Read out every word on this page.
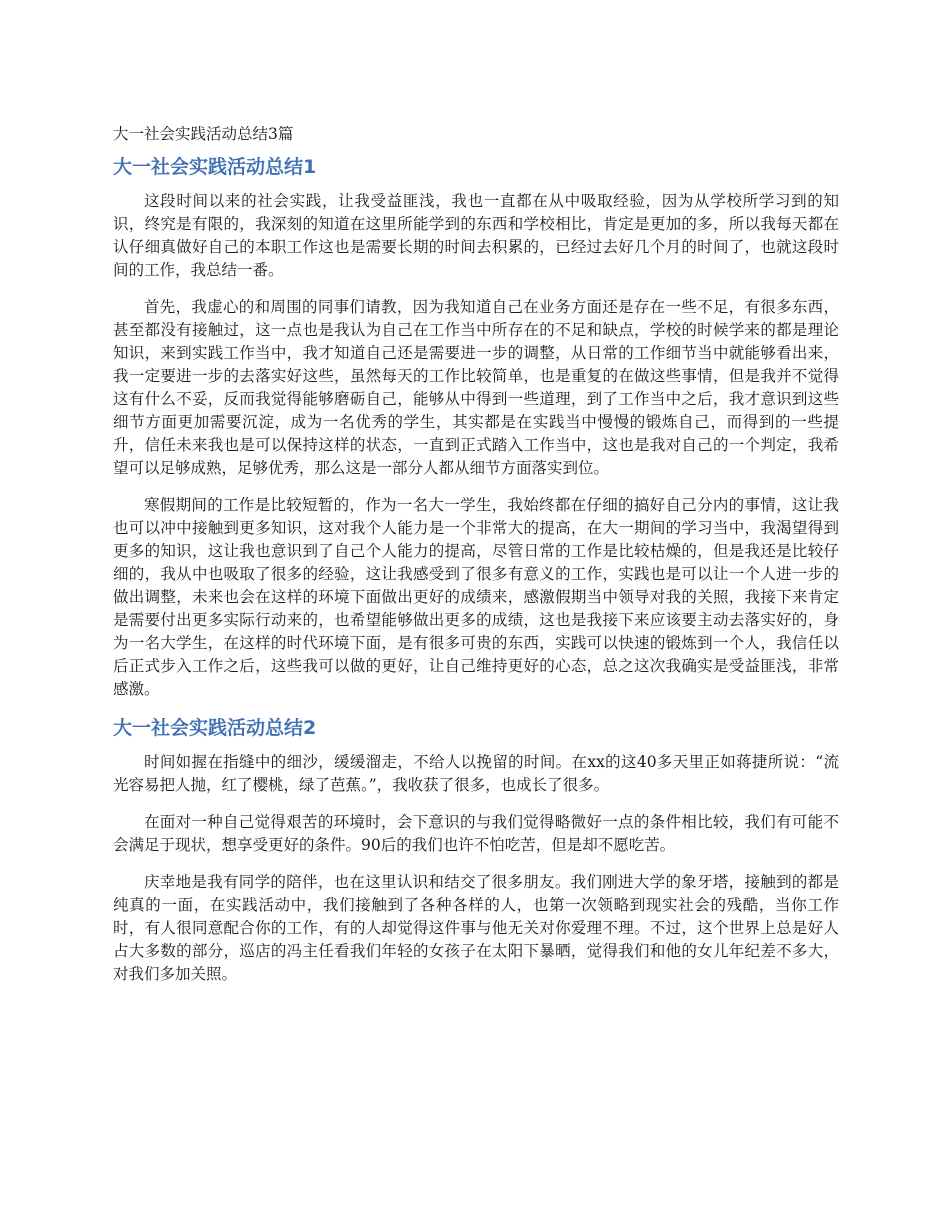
大一社会实践活动总结3篇
大一社会实践活动总结1

这段时间以来的社会实践，让我受益匪浅，我也一直都在从中吸取经验，因为从学校所学习到的知识，终究是有限的，我深刻的知道在这里所能学到的东西和学校相比，肯定是更加的多，所以我每天都在认仔细真做好自己的本职工作这也是需要长期的时间去积累的，已经过去好几个月的时间了，也就这段时间的工作，我总结一番。

首先，我虚心的和周围的同事们请教，因为我知道自己在业务方面还是存在一些不足，有很多东西，甚至都没有接触过，这一点也是我认为自己在工作当中所存在的不足和缺点，学校的时候学来的都是理论知识，来到实践工作当中，我才知道自己还是需要进一步的调整，从日常的工作细节当中就能够看出来，我一定要进一步的去落实好这些，虽然每天的工作比较简单，也是重复的在做这些事情，但是我并不觉得这有什么不妥，反而我觉得能够磨砺自己，能够从中得到一些道理，到了工作当中之后，我才意识到这些细节方面更加需要沉淀，成为一名优秀的学生，其实都是在实践当中慢慢的锻炼自己，而得到的一些提升，信任未来我也是可以保持这样的状态，一直到正式踏入工作当中，这也是我对自己的一个判定，我希望可以足够成熟，足够优秀，那么这是一部分人都从细节方面落实到位。

寒假期间的工作是比较短暂的，作为一名大一学生，我始终都在仔细的搞好自己分内的事情，这让我也可以冲中接触到更多知识，这对我个人能力是一个非常大的提高，在大一期间的学习当中，我渴望得到更多的知识，这让我也意识到了自己个人能力的提高，尽管日常的工作是比较枯燥的，但是我还是比较仔细的，我从中也吸取了很多的经验，这让我感受到了很多有意义的工作，实践也是可以让一个人进一步的做出调整，未来也会在这样的环境下面做出更好的成绩来，感激假期当中领导对我的关照，我接下来肯定是需要付出更多实际行动来的，也希望能够做出更多的成绩，这也是我接下来应该要主动去落实好的，身为一名大学生，在这样的时代环境下面，是有很多可贵的东西，实践可以快速的锻炼到一个人，我信任以后正式步入工作之后，这些我可以做的更好，让自己维持更好的心态，总之这次我确实是受益匪浅，非常感激。

大一社会实践活动总结2

时间如握在指缝中的细沙，缓缓溜走，不给人以挽留的时间。在xx的这40多天里正如蒋捷所说：“流光容易把人抛，红了樱桃，绿了芭蕉。”，我收获了很多，也成长了很多。

在面对一种自己觉得艰苦的环境时，会下意识的与我们觉得略微好一点的条件相比较，我们有可能不会满足于现状，想享受更好的条件。90后的我们也许不怕吃苦，但是却不愿吃苦。

庆幸地是我有同学的陪伴，也在这里认识和结交了很多朋友。我们刚进大学的象牙塔，接触到的都是纯真的一面，在实践活动中，我们接触到了各种各样的人，也第一次领略到现实社会的残酷，当你工作时，有人很同意配合你的工作，有的人却觉得这件事与他无关对你爱理不理。不过，这个世界上总是好人占大多数的部分，巡店的冯主任看我们年轻的女孩子在太阳下暴晒，觉得我们和他的女儿年纪差不多大，对我们多加关照。
